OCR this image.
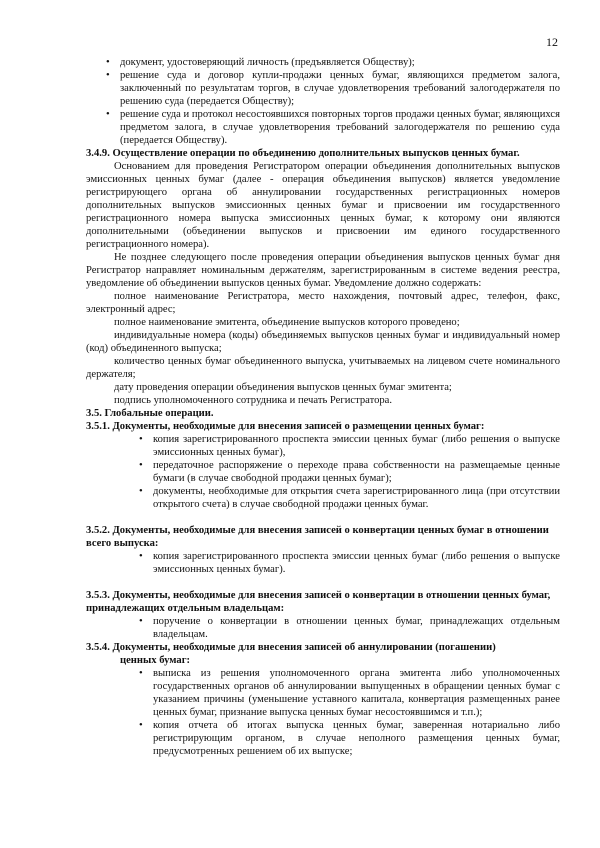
12
• документ, удостоверяющий личность (предъявляется Обществу);
• решение суда и договор купли-продажи ценных бумаг, являющихся предметом залога, заключенный по результатам торгов, в случае удовлетворения требований залогодержателя по решению суда (передается Обществу);
• решение суда и протокол несостоявшихся повторных торгов продажи ценных бумаг, являющихся предметом залога, в случае удовлетворения требований залогодержателя по решению суда (передается Обществу).
3.4.9. Осуществление операции по объединению дополнительных выпусков ценных бумаг.
Основанием для проведения Регистратором операции объединения дополнительных выпусков эмиссионных ценных бумаг (далее - операция объединения выпусков) является уведомление регистрирующего органа об аннулировании государственных регистрационных номеров дополнительных выпусков эмиссионных ценных бумаг и присвоении им государственного регистрационного номера выпуска эмиссионных ценных бумаг, к которому они являются дополнительными (объединении выпусков и присвоении им единого государственного регистрационного номера).
Не позднее следующего после проведения операции объединения выпусков ценных бумаг дня Регистратор направляет номинальным держателям, зарегистрированным в системе ведения реестра, уведомление об объединении выпусков ценных бумаг. Уведомление должно содержать:
полное наименование Регистратора, место нахождения, почтовый адрес, телефон, факс, электронный адрес;
полное наименование эмитента, объединение выпусков которого проведено;
индивидуальные номера (коды) объединяемых выпусков ценных бумаг и индивидуальный номер (код) объединенного выпуска;
количество ценных бумаг объединенного выпуска, учитываемых на лицевом счете номинального держателя;
дату проведения операции объединения выпусков ценных бумаг эмитента;
подпись уполномоченного сотрудника и печать Регистратора.
3.5. Глобальные операции.
3.5.1. Документы, необходимые для внесения записей о размещении ценных бумаг:
• копия зарегистрированного проспекта эмиссии ценных бумаг (либо решения о выпуске эмиссионных ценных бумаг),
• передаточное распоряжение о переходе права собственности на размещаемые ценные бумаги (в случае свободной продажи ценных бумаг);
• документы, необходимые для открытия счета зарегистрированного лица (при отсутствии открытого счета) в случае свободной продажи ценных бумаг.
3.5.2. Документы, необходимые для внесения записей о конвертации ценных бумаг в отношении всего выпуска:
• копия зарегистрированного проспекта эмиссии ценных бумаг (либо решения о выпуске эмиссионных ценных бумаг).
3.5.3. Документы, необходимые для внесения записей о конвертации в отношении ценных бумаг, принадлежащих отдельным владельцам:
• поручение о конвертации в отношении ценных бумаг, принадлежащих отдельным владельцам.
3.5.4. Документы, необходимые для внесения записей об аннулировании (погашении)
ценных бумаг:
• выписка из решения уполномоченного органа эмитента либо уполномоченных государственных органов об аннулировании выпущенных в обращении ценных бумаг с указанием причины (уменьшение уставного капитала, конвертация размещенных ранее ценных бумаг, признание выпуска ценных бумаг несостоявшимся и т.п.);
• копия отчета об итогах выпуска ценных бумаг, заверенная нотариально либо регистрирующим органом, в случае неполного размещения ценных бумаг, предусмотренных решением об их выпуске;
